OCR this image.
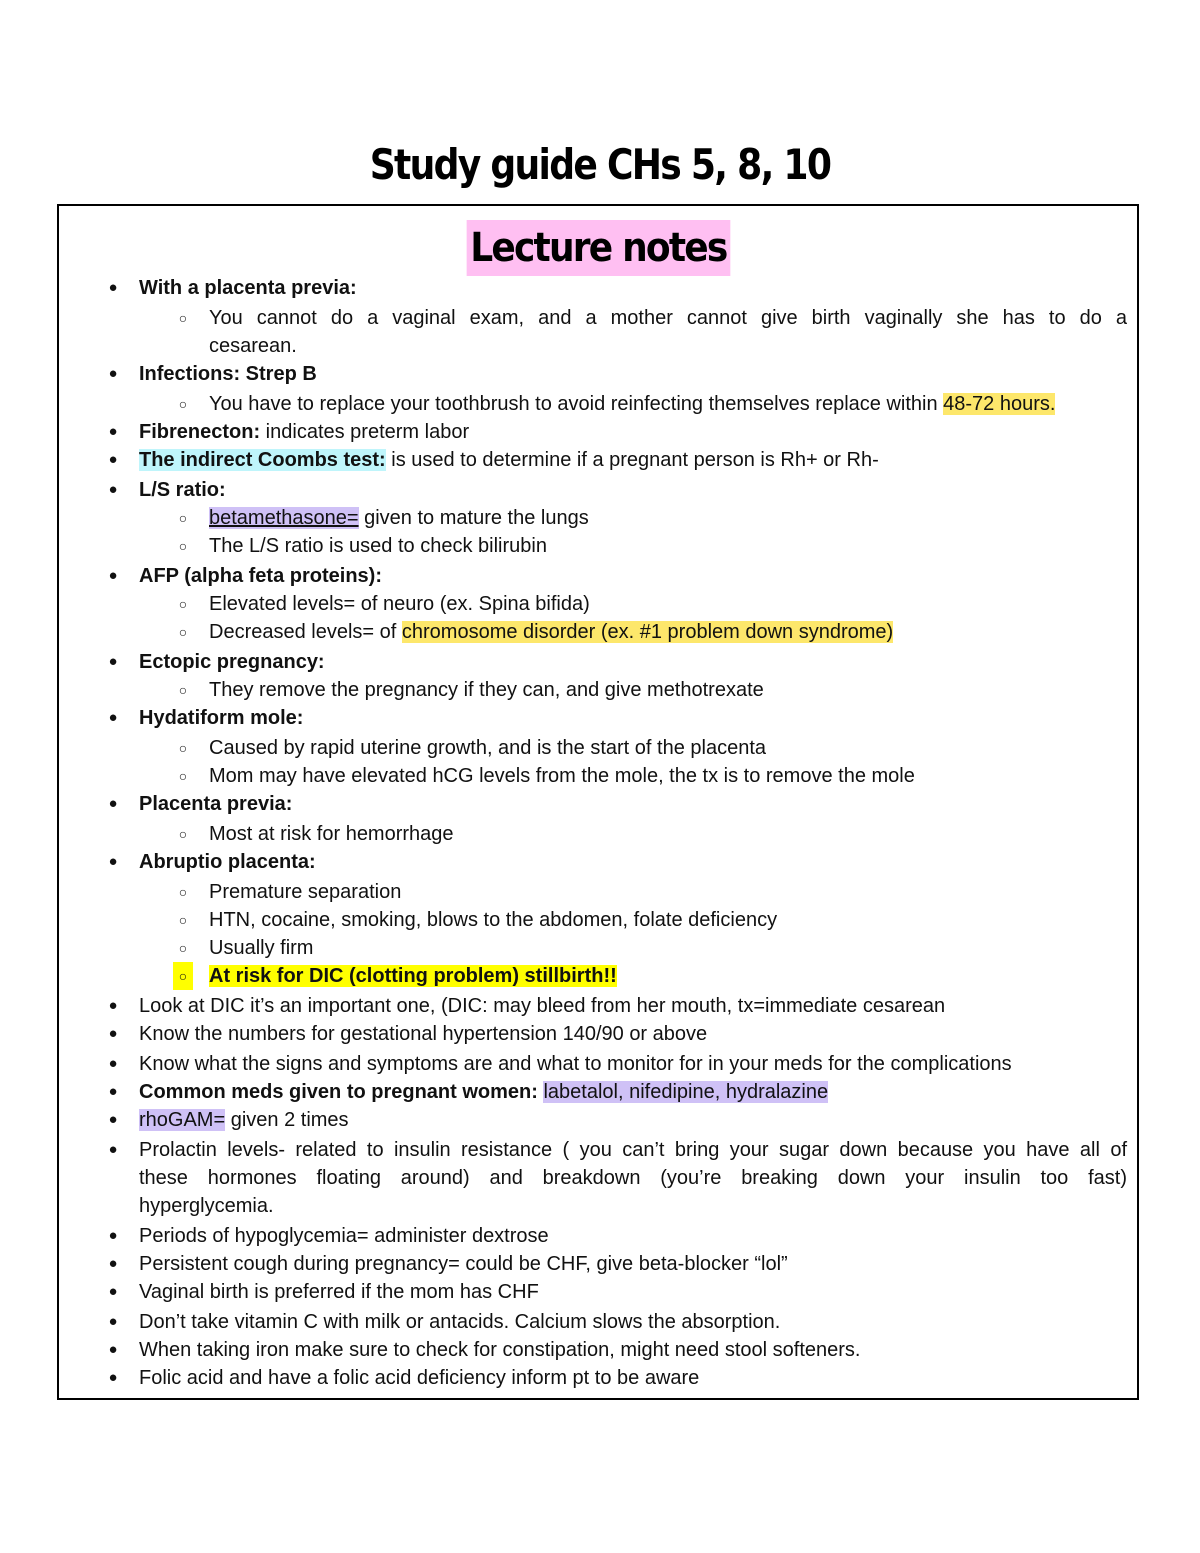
Study guide CHs 5, 8, 10
Lecture notes
● With a placenta previa:
○ You cannot do a vaginal exam, and a mother cannot give birth vaginally she has to do a
cesarean.
● Infections: Strep B
○ You have to replace your toothbrush to avoid reinfecting themselves replace within 48-72 hours.
● Fibrenecton: indicates preterm labor
● The indirect Coombs test: is used to determine if a pregnant person is Rh+ or Rh-
● L/S ratio:
○ betamethasone= given to mature the lungs
○ The L/S ratio is used to check bilirubin
● AFP (alpha feta proteins):
○ Elevated levels= of neuro (ex. Spina bifida)
○ Decreased levels= of chromosome disorder (ex. #1 problem down syndrome)
● Ectopic pregnancy:
○ They remove the pregnancy if they can, and give methotrexate
● Hydatiform mole:
○ Caused by rapid uterine growth, and is the start of the placenta
○ Mom may have elevated hCG levels from the mole, the tx is to remove the mole
● Placenta previa:
○ Most at risk for hemorrhage
● Abruptio placenta:
○ Premature separation
○ HTN, cocaine, smoking, blows to the abdomen, folate deficiency
○ Usually firm
○ At risk for DIC (clotting problem) stillbirth!!
● Look at DIC it’s an important one, (DIC: may bleed from her mouth, tx=immediate cesarean
● Know the numbers for gestational hypertension 140/90 or above
● Know what the signs and symptoms are and what to monitor for in your meds for the complications
● Common meds given to pregnant women: labetalol, nifedipine, hydralazine
● rhoGAM= given 2 times
● Prolactin levels- related to insulin resistance ( you can’t bring your sugar down because you have all of
these hormones floating around) and breakdown (you’re breaking down your insulin too fast)
hyperglycemia.
● Periods of hypoglycemia= administer dextrose
● Persistent cough during pregnancy= could be CHF, give beta-blocker “lol”
● Vaginal birth is preferred if the mom has CHF
● Don’t take vitamin C with milk or antacids. Calcium slows the absorption.
● When taking iron make sure to check for constipation, might need stool softeners.
● Folic acid and have a folic acid deficiency inform pt to be aware
